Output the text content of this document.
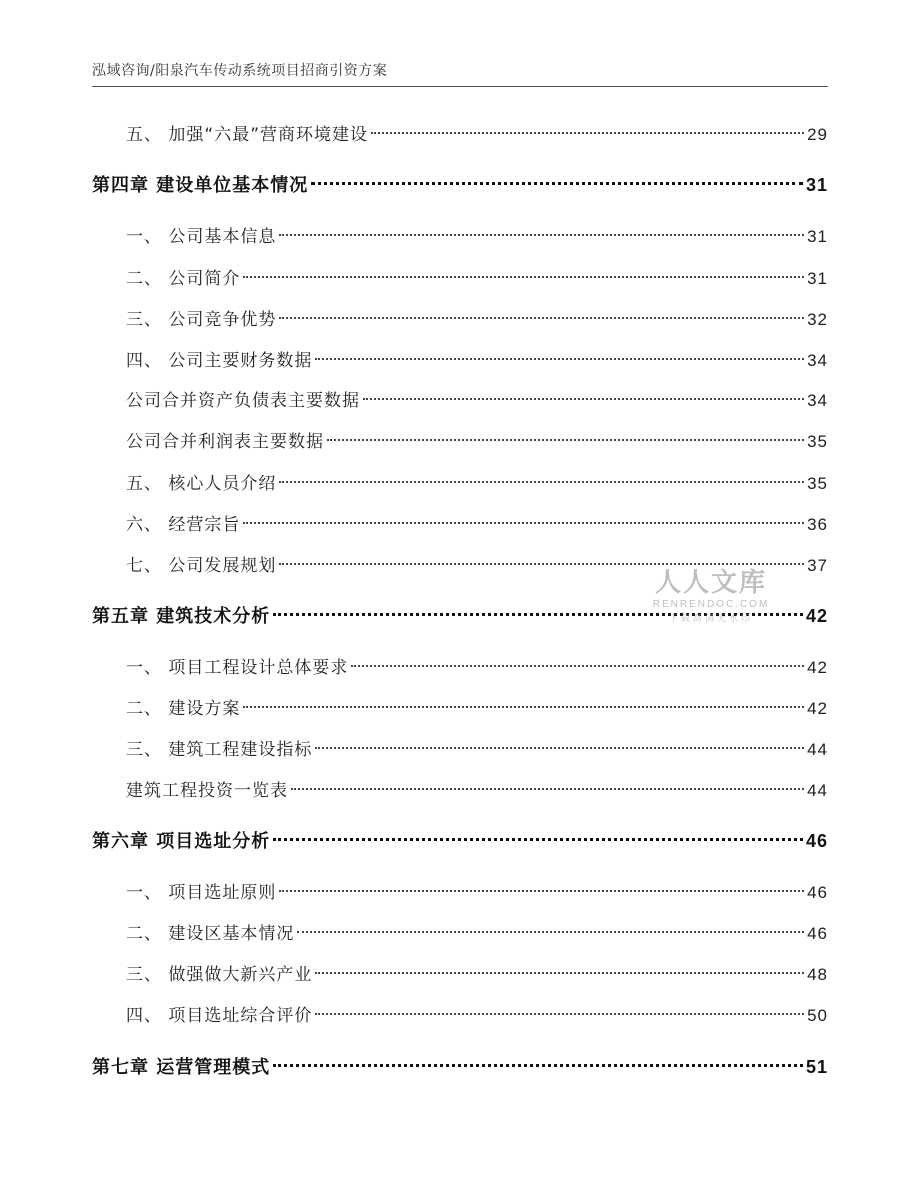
泓域咨询/阳泉汽车传动系统项目招商引资方案
五、 加强“六最”营商环境建设	29
第四章 建设单位基本情况	31
一、 公司基本信息	31
二、 公司简介	31
三、 公司竞争优势	32
四、 公司主要财务数据	34
公司合并资产负债表主要数据	34
公司合并利润表主要数据	35
五、 核心人员介绍	35
六、 经营宗旨	36
七、 公司发展规划	37
第五章 建筑技术分析	42
一、 项目工程设计总体要求	42
二、 建设方案	42
三、 建筑工程建设指标	44
建筑工程投资一览表	44
第六章 项目选址分析	46
一、 项目选址原则	46
二、 建设区基本情况	46
三、 做强做大新兴产业	48
四、 项目选址综合评价	50
第七章 运营管理模式	51
人人文库
RENRENDOC.COM
下载高清无水印
